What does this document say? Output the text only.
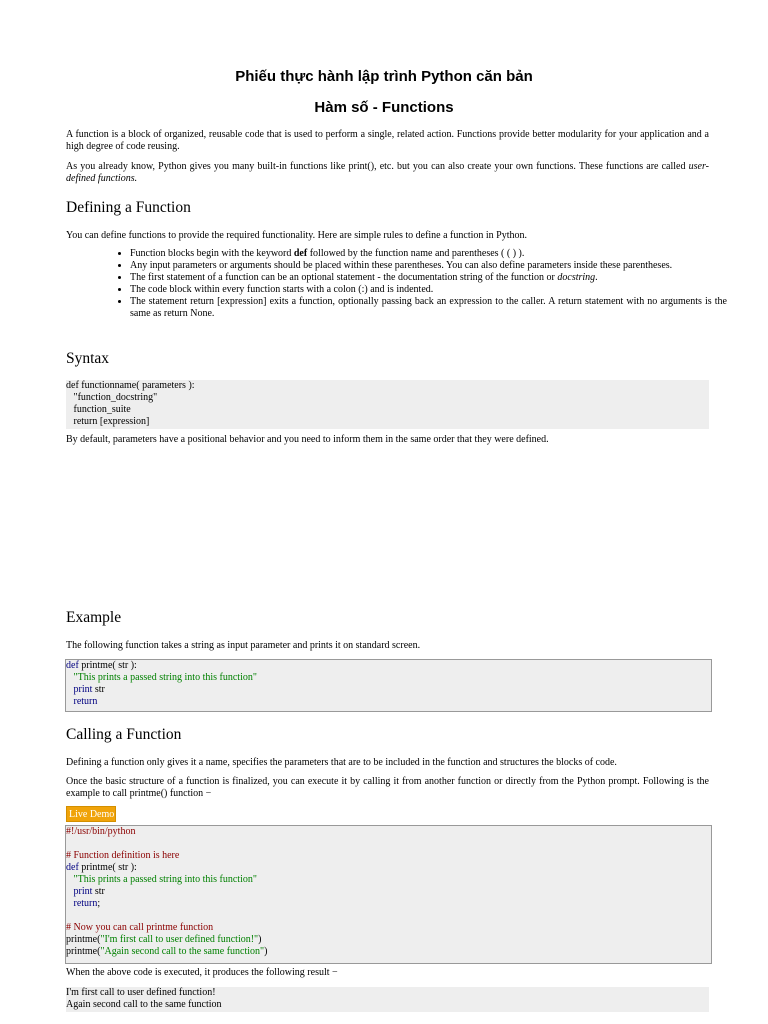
Phiếu thực hành lập trình Python căn bản
Hàm số - Functions
A function is a block of organized, reusable code that is used to perform a single, related action. Functions provide better modularity for your application and a high degree of code reusing.
As you already know, Python gives you many built-in functions like print(), etc. but you can also create your own functions. These functions are called user-defined functions.
Defining a Function
You can define functions to provide the required functionality. Here are simple rules to define a function in Python.
• Function blocks begin with the keyword def followed by the function name and parentheses ( ( ) ).
• Any input parameters or arguments should be placed within these parentheses. You can also define parameters inside these parentheses.
• The first statement of a function can be an optional statement - the documentation string of the function or docstring.
• The code block within every function starts with a colon (:) and is indented.
• The statement return [expression] exits a function, optionally passing back an expression to the caller. A return statement with no arguments is the same as return None.
Syntax
def functionname( parameters ):
"function_docstring"
function_suite
return [expression]
By default, parameters have a positional behavior and you need to inform them in the same order that they were defined.
Example
The following function takes a string as input parameter and prints it on standard screen.
def printme( str ):
"This prints a passed string into this function"
print str
return
Calling a Function
Defining a function only gives it a name, specifies the parameters that are to be included in the function and structures the blocks of code.
Once the basic structure of a function is finalized, you can execute it by calling it from another function or directly from the Python prompt. Following is the example to call printme() function −
Live Demo
#!/usr/bin/python

# Function definition is here
def printme( str ):
"This prints a passed string into this function"
print str
return;

# Now you can call printme function
printme("I'm first call to user defined function!")
printme("Again second call to the same function")
When the above code is executed, it produces the following result −
I'm first call to user defined function!
Again second call to the same function
